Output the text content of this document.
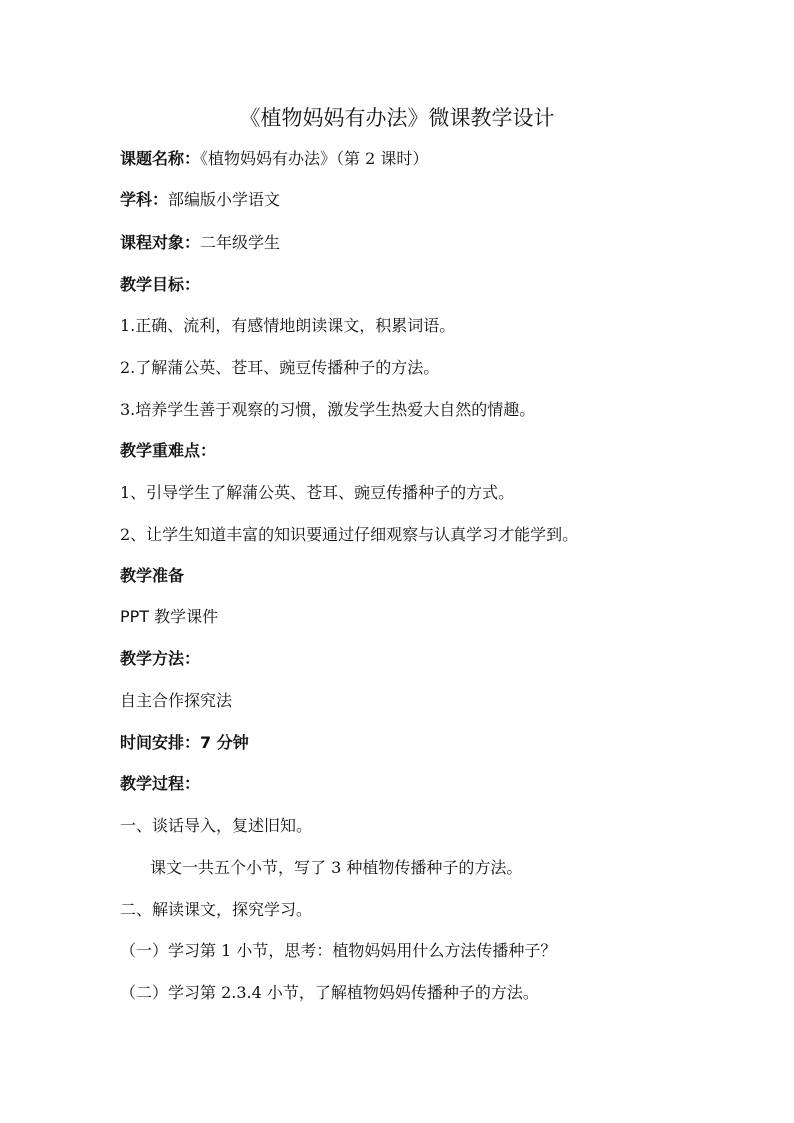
《植物妈妈有办法》微课教学设计
课题名称：《植物妈妈有办法》（第 2 课时）
学科：部编版小学语文
课程对象：二年级学生
教学目标：
1.正确、流利，有感情地朗读课文，积累词语。
2.了解蒲公英、苍耳、豌豆传播种子的方法。
3.培养学生善于观察的习惯，激发学生热爱大自然的情趣。
教学重难点：
1、引导学生了解蒲公英、苍耳、豌豆传播种子的方式。
2、让学生知道丰富的知识要通过仔细观察与认真学习才能学到。
教学准备
PPT 教学课件
教学方法：
自主合作探究法
时间安排：7 分钟
教学过程：
一、谈话导入，复述旧知。
课文一共五个小节，写了 3 种植物传播种子的方法。
二、解读课文，探究学习。
（一）学习第 1 小节，思考：植物妈妈用什么方法传播种子？
（二）学习第 2.3.4 小节，了解植物妈妈传播种子的方法。
